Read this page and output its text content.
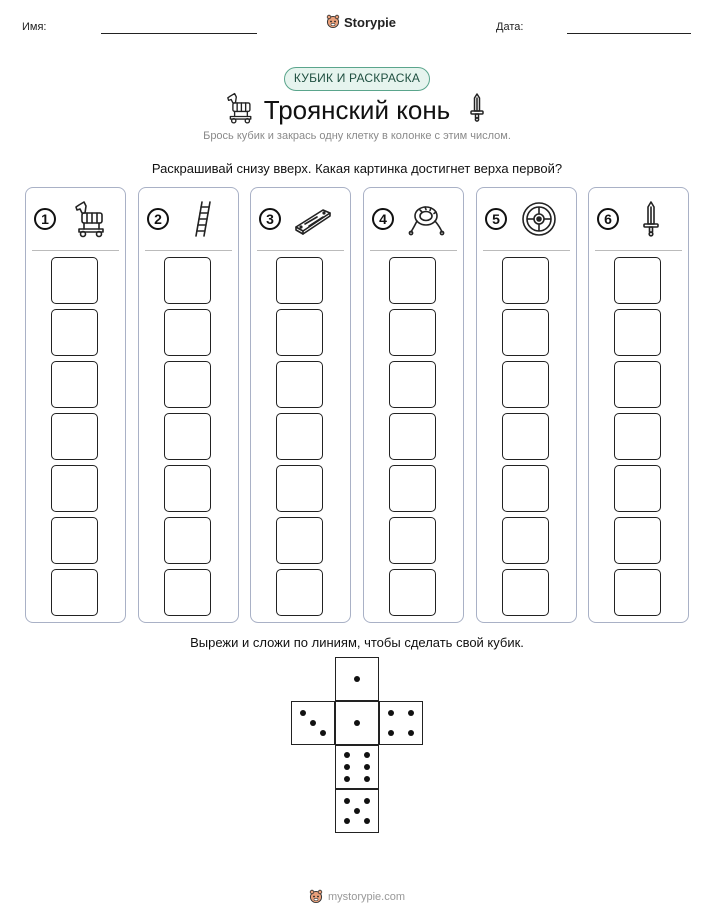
Имя:	Storypie	Дата:
КУБИК И РАСКРАСКА
Троянский конь
Брось кубик и закрась одну клетку в колонке с этим числом.
Раскрашивай снизу вверх. Какая картинка достигнет верха первой?
1	2	3	4	5	6
Вырежи и сложи по линиям, чтобы сделать свой кубик.
mystorypie.com
